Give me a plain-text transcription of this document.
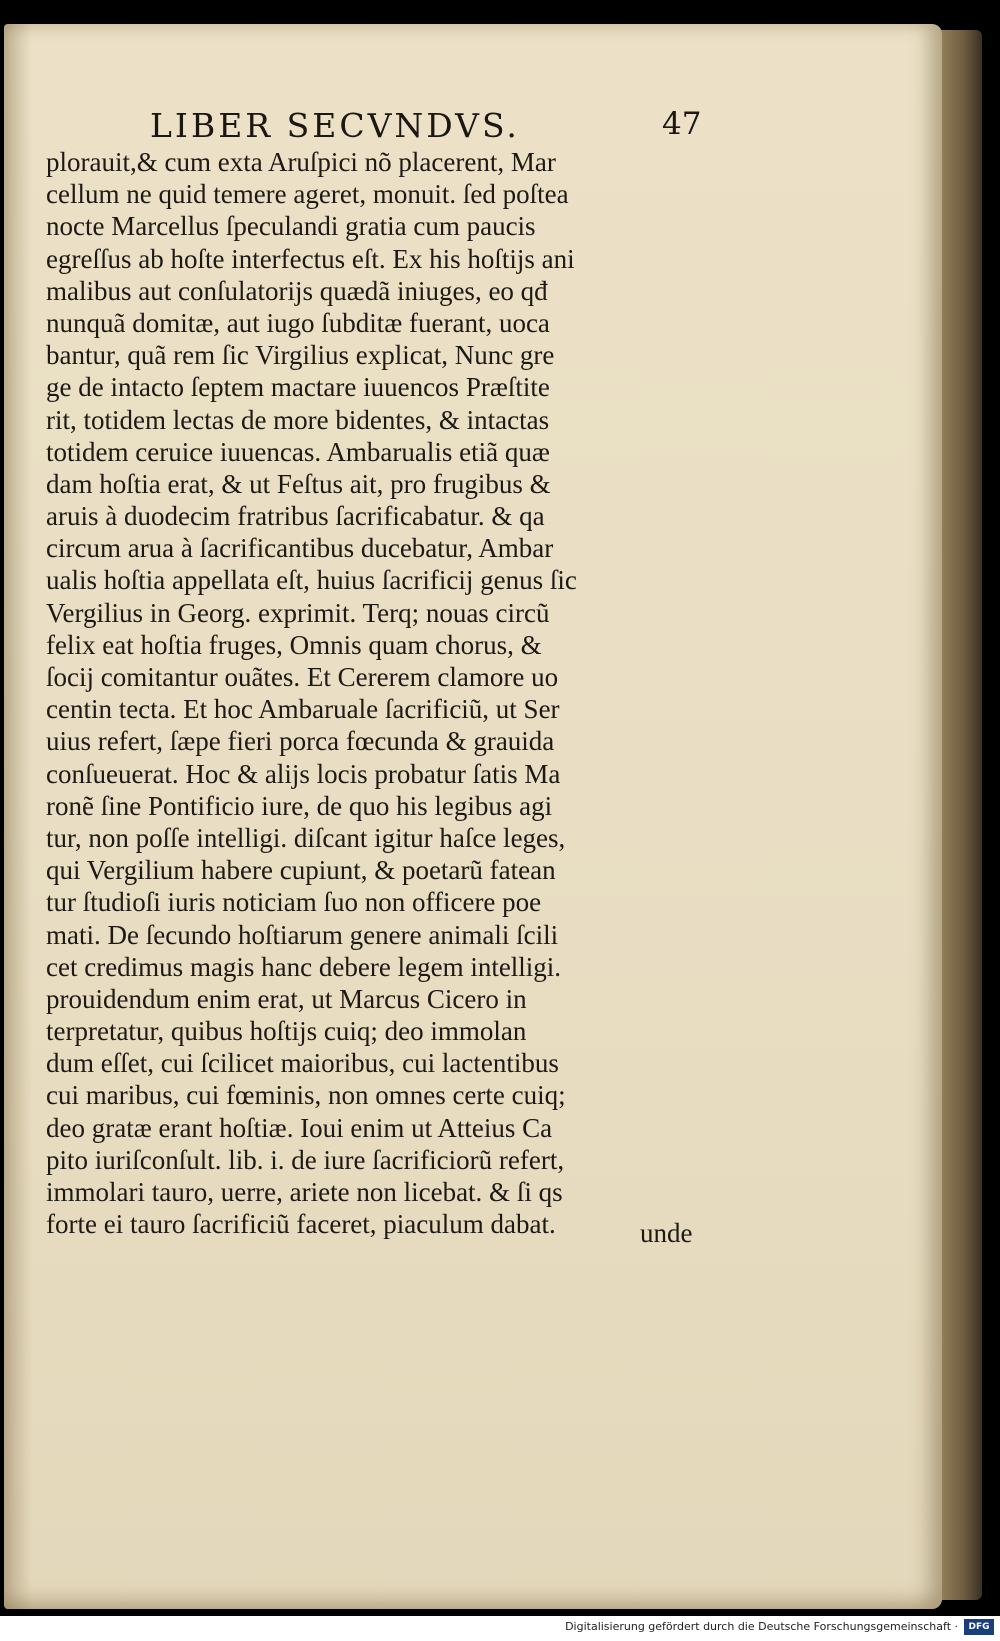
LIBER SECVNDVS.	47
plorauit,& cum exta Aruſpici nõ placerent, Mar
cellum ne quid temere ageret, monuit. ſed poſtea
nocte Marcellus ſpeculandi gratia cum paucis
egreſſus ab hoſte interfectus eſt. Ex his hoſtijs ani
malibus aut conſulatorijs quædã iniuges, eo qđ
nunquã domitæ, aut iugo ſubditæ fuerant, uoca
bantur, quã rem ſic Virgilius explicat, Nunc gre
ge de intacto ſeptem mactare iuuencos Præſtite
rit, totidem lectas de more bidentes, & intactas
totidem ceruice iuuencas. Ambarualis etiã quæ
dam hoſtia erat, & ut Feſtus ait, pro frugibus &
aruis à duodecim fratribus ſacrificabatur. & qa
circum arua à ſacrificantibus ducebatur, Ambar
ualis hoſtia appellata eſt, huius ſacrificij genus ſic
Vergilius in Georg. exprimit. Terq; nouas circũ
felix eat hoſtia fruges, Omnis quam chorus, &
ſocij comitantur ouãtes. Et Cererem clamore uo
centin tecta. Et hoc Ambaruale ſacrificiũ, ut Ser
uius refert, ſæpe fieri porca fœcunda & grauida
conſueuerat. Hoc & alijs locis probatur ſatis Ma
ronẽ ſine Pontificio iure, de quo his legibus agi
tur, non poſſe intelligi. diſcant igitur haſce leges,
qui Vergilium habere cupiunt, & poetarũ fatean
tur ſtudioſi iuris noticiam ſuo non officere poe
mati. De ſecundo hoſtiarum genere animali ſcili
cet credimus magis hanc debere legem intelligi.
prouidendum enim erat, ut Marcus Cicero in
terpretatur, quibus hoſtijs cuiq; deo immolan
dum eſſet, cui ſcilicet maioribus, cui lactentibus
cui maribus, cui fœminis, non omnes certe cuiq;
deo gratæ erant hoſtiæ. Ioui enim ut Atteius Ca
pito iuriſconſult. lib. i. de iure ſacrificiorũ refert,
immolari tauro, uerre, ariete non licebat. & ſi qs
forte ei tauro ſacrificiũ faceret, piaculum dabat.	unde
Digitalisierung gefördert durch die Deutsche Forschungsgemeinschaft ·	DFG
